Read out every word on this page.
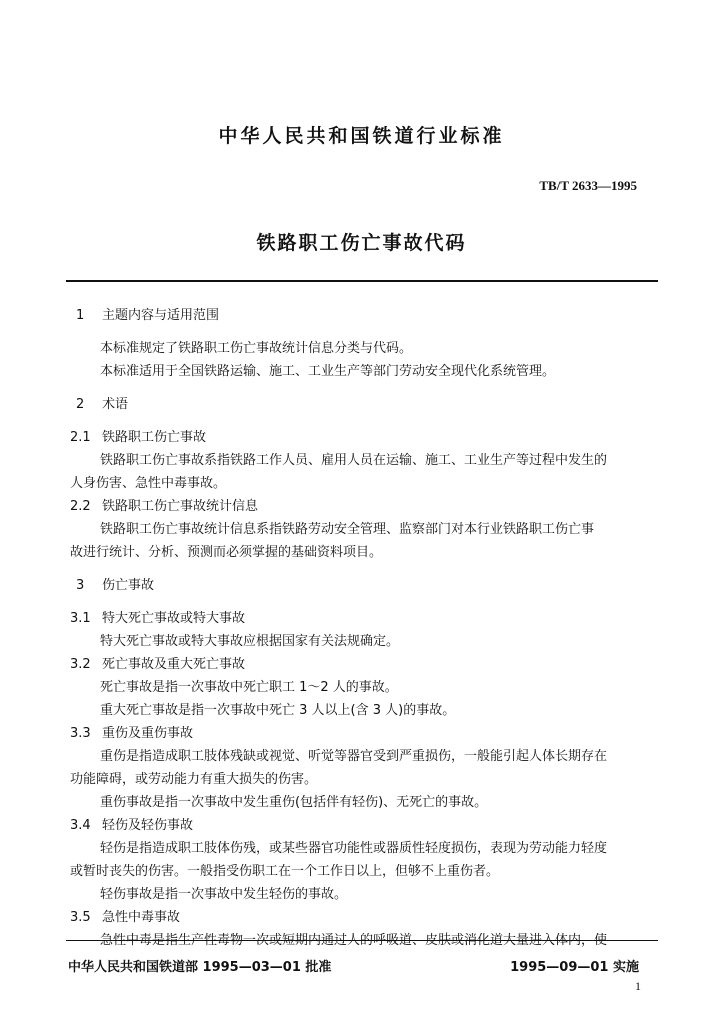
中华人民共和国铁道行业标准
TB/T 2633—1995
铁路职工伤亡事故代码
1 主题内容与适用范围
本标准规定了铁路职工伤亡事故统计信息分类与代码。
本标准适用于全国铁路运输、施工、工业生产等部门劳动安全现代化系统管理。
2 术语
2.1 铁路职工伤亡事故
铁路职工伤亡事故系指铁路工作人员、雇用人员在运输、施工、工业生产等过程中发生的
人身伤害、急性中毒事故。
2.2 铁路职工伤亡事故统计信息
铁路职工伤亡事故统计信息系指铁路劳动安全管理、监察部门对本行业铁路职工伤亡事
故进行统计、分析、预测而必须掌握的基础资料项目。
3 伤亡事故
3.1 特大死亡事故或特大事故
特大死亡事故或特大事故应根据国家有关法规确定。
3.2 死亡事故及重大死亡事故
死亡事故是指一次事故中死亡职工 1～2 人的事故。
重大死亡事故是指一次事故中死亡 3 人以上(含 3 人)的事故。
3.3 重伤及重伤事故
重伤是指造成职工肢体残缺或视觉、听觉等器官受到严重损伤，一般能引起人体长期存在
功能障碍，或劳动能力有重大损失的伤害。
重伤事故是指一次事故中发生重伤(包括伴有轻伤)、无死亡的事故。
3.4 轻伤及轻伤事故
轻伤是指造成职工肢体伤残，或某些器官功能性或器质性轻度损伤，表现为劳动能力轻度
或暂时丧失的伤害。一般指受伤职工在一个工作日以上，但够不上重伤者。
轻伤事故是指一次事故中发生轻伤的事故。
3.5 急性中毒事故
急性中毒是指生产性毒物一次或短期内通过人的呼吸道、皮肤或消化道大量进入体内，使
中华人民共和国铁道部 1995—03—01 批准	1995—09—01 实施
1
